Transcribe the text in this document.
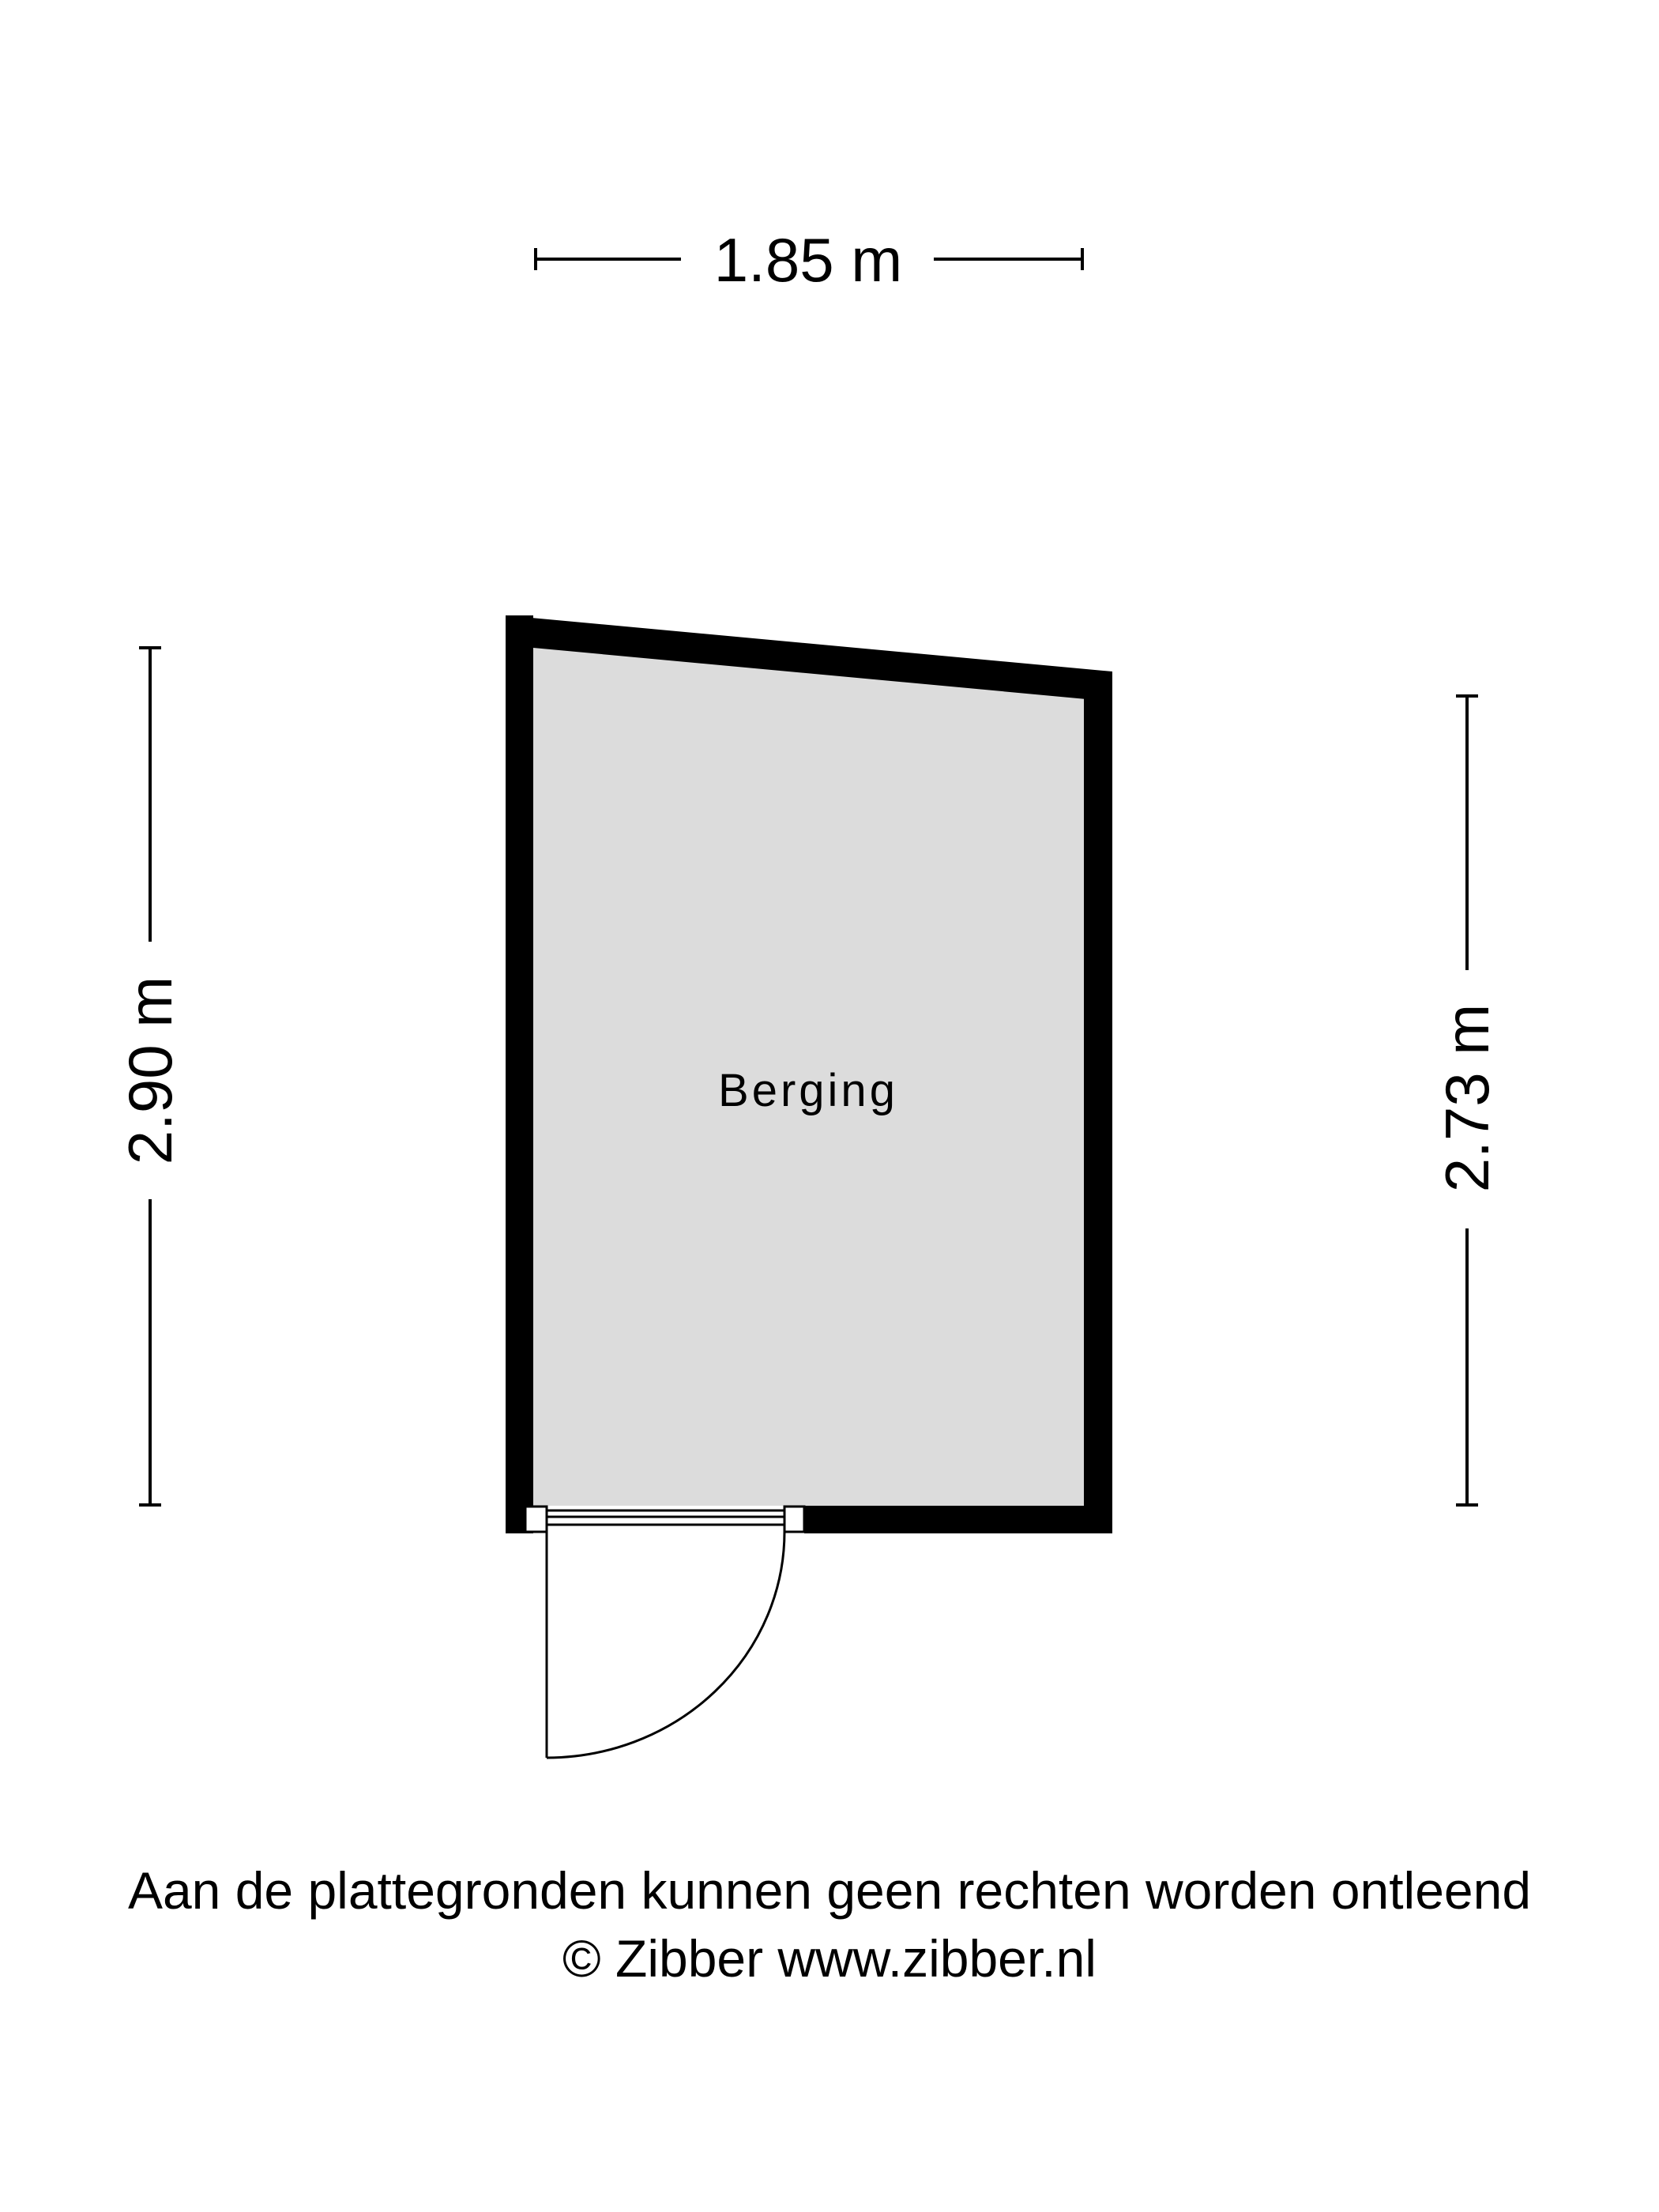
1.85 m
2.90 m	2.73 m
Berging
Aan de plattegronden kunnen geen rechten worden ontleend
© Zibber www.zibber.nl
